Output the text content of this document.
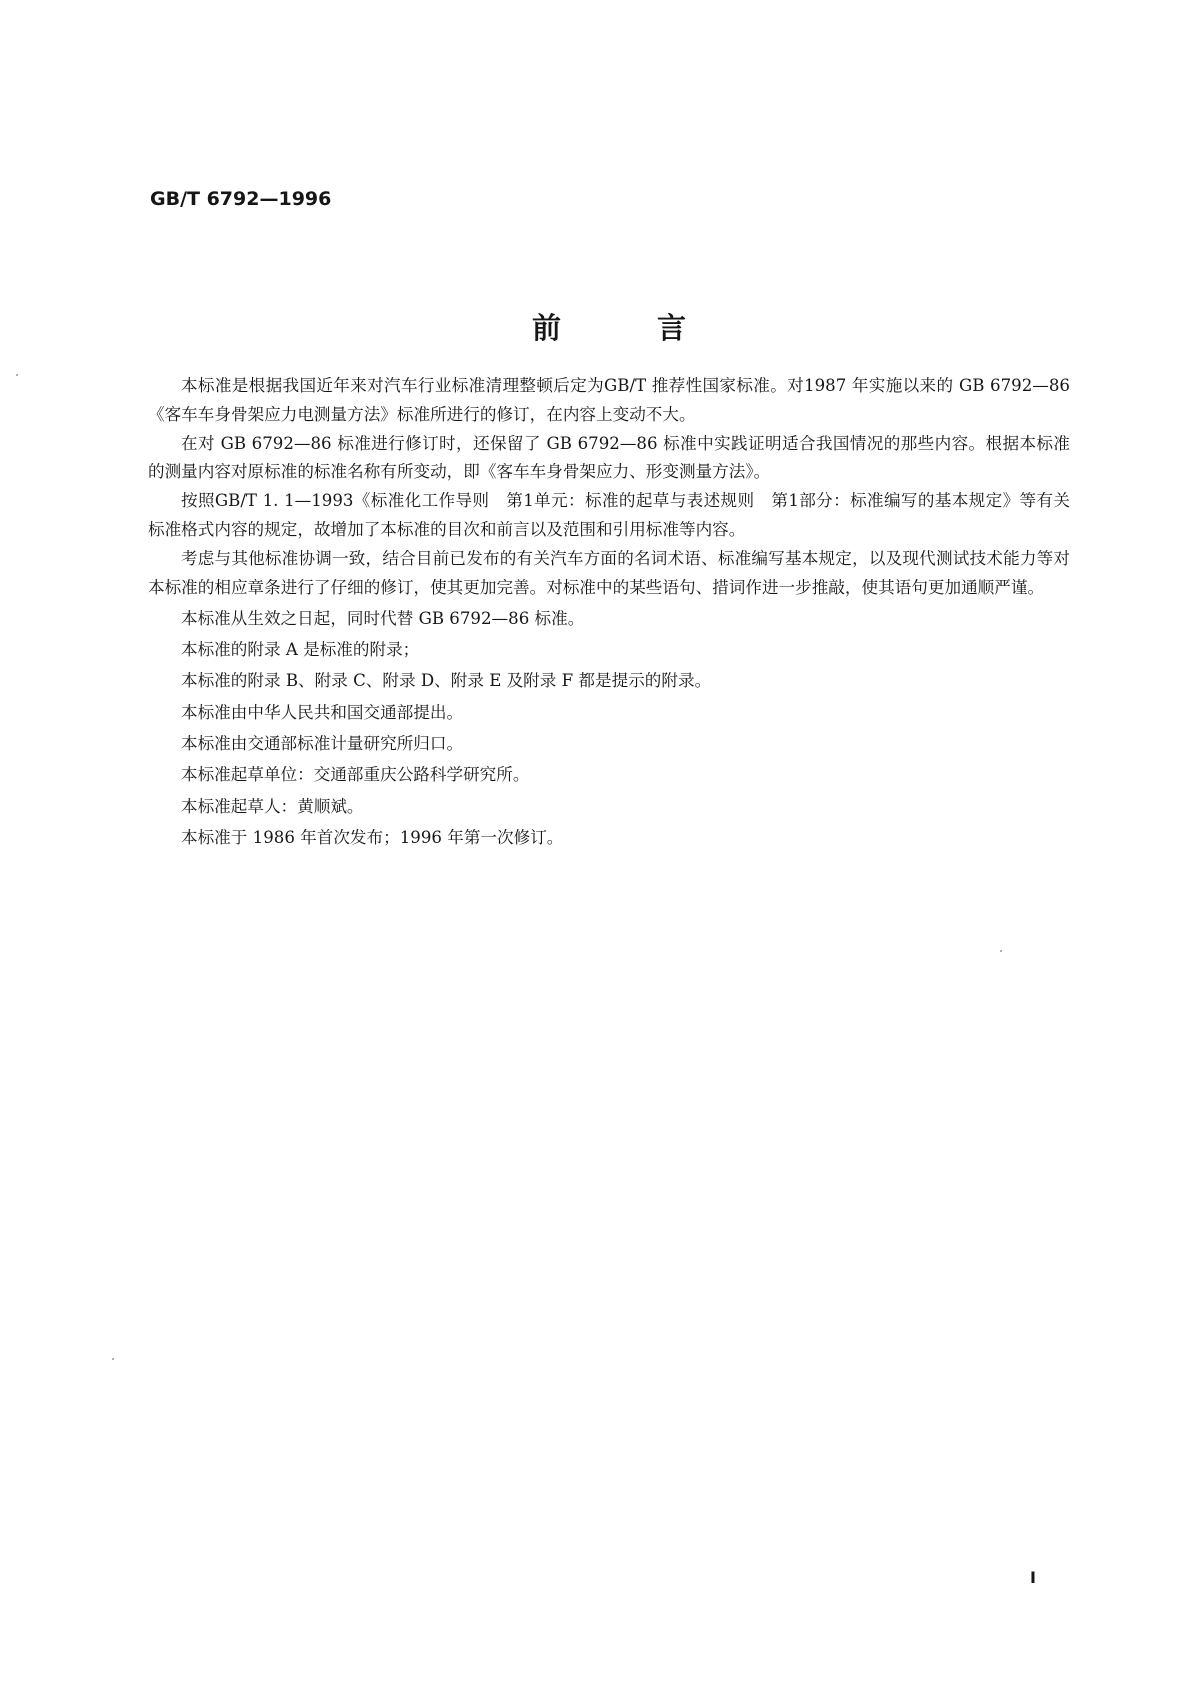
GB/T 6792—1996
前	言

本标准是根据我国近年来对汽车行业标准清理整顿后定为GB/T 推荐性国家标准。对1987 年实施以来的 GB 6792—86《客车车身骨架应力电测量方法》标准所进行的修订，在内容上变动不大。

在对 GB 6792—86 标准进行修订时，还保留了 GB 6792—86 标准中实践证明适合我国情况的那些内容。根据本标准的测量内容对原标准的标准名称有所变动，即《客车车身骨架应力、形变测量方法》。

按照GB/T 1. 1—1993《标准化工作导则　第1单元：标准的起草与表述规则　第1部分：标准编写的基本规定》等有关标准格式内容的规定，故增加了本标准的目次和前言以及范围和引用标准等内容。

考虑与其他标准协调一致，结合目前已发布的有关汽车方面的名词术语、标准编写基本规定，以及现代测试技术能力等对本标准的相应章条进行了仔细的修订，使其更加完善。对标准中的某些语句、措词作进一步推敲，使其语句更加通顺严谨。

本标准从生效之日起，同时代替 GB 6792—86 标准。

本标准的附录 A 是标准的附录；

本标准的附录 B、附录 C、附录 D、附录 E 及附录 F 都是提示的附录。

本标准由中华人民共和国交通部提出。

本标准由交通部标准计量研究所归口。

本标准起草单位：交通部重庆公路科学研究所。

本标准起草人：黄顺斌。

本标准于 1986 年首次发布；1996 年第一次修订。

I
